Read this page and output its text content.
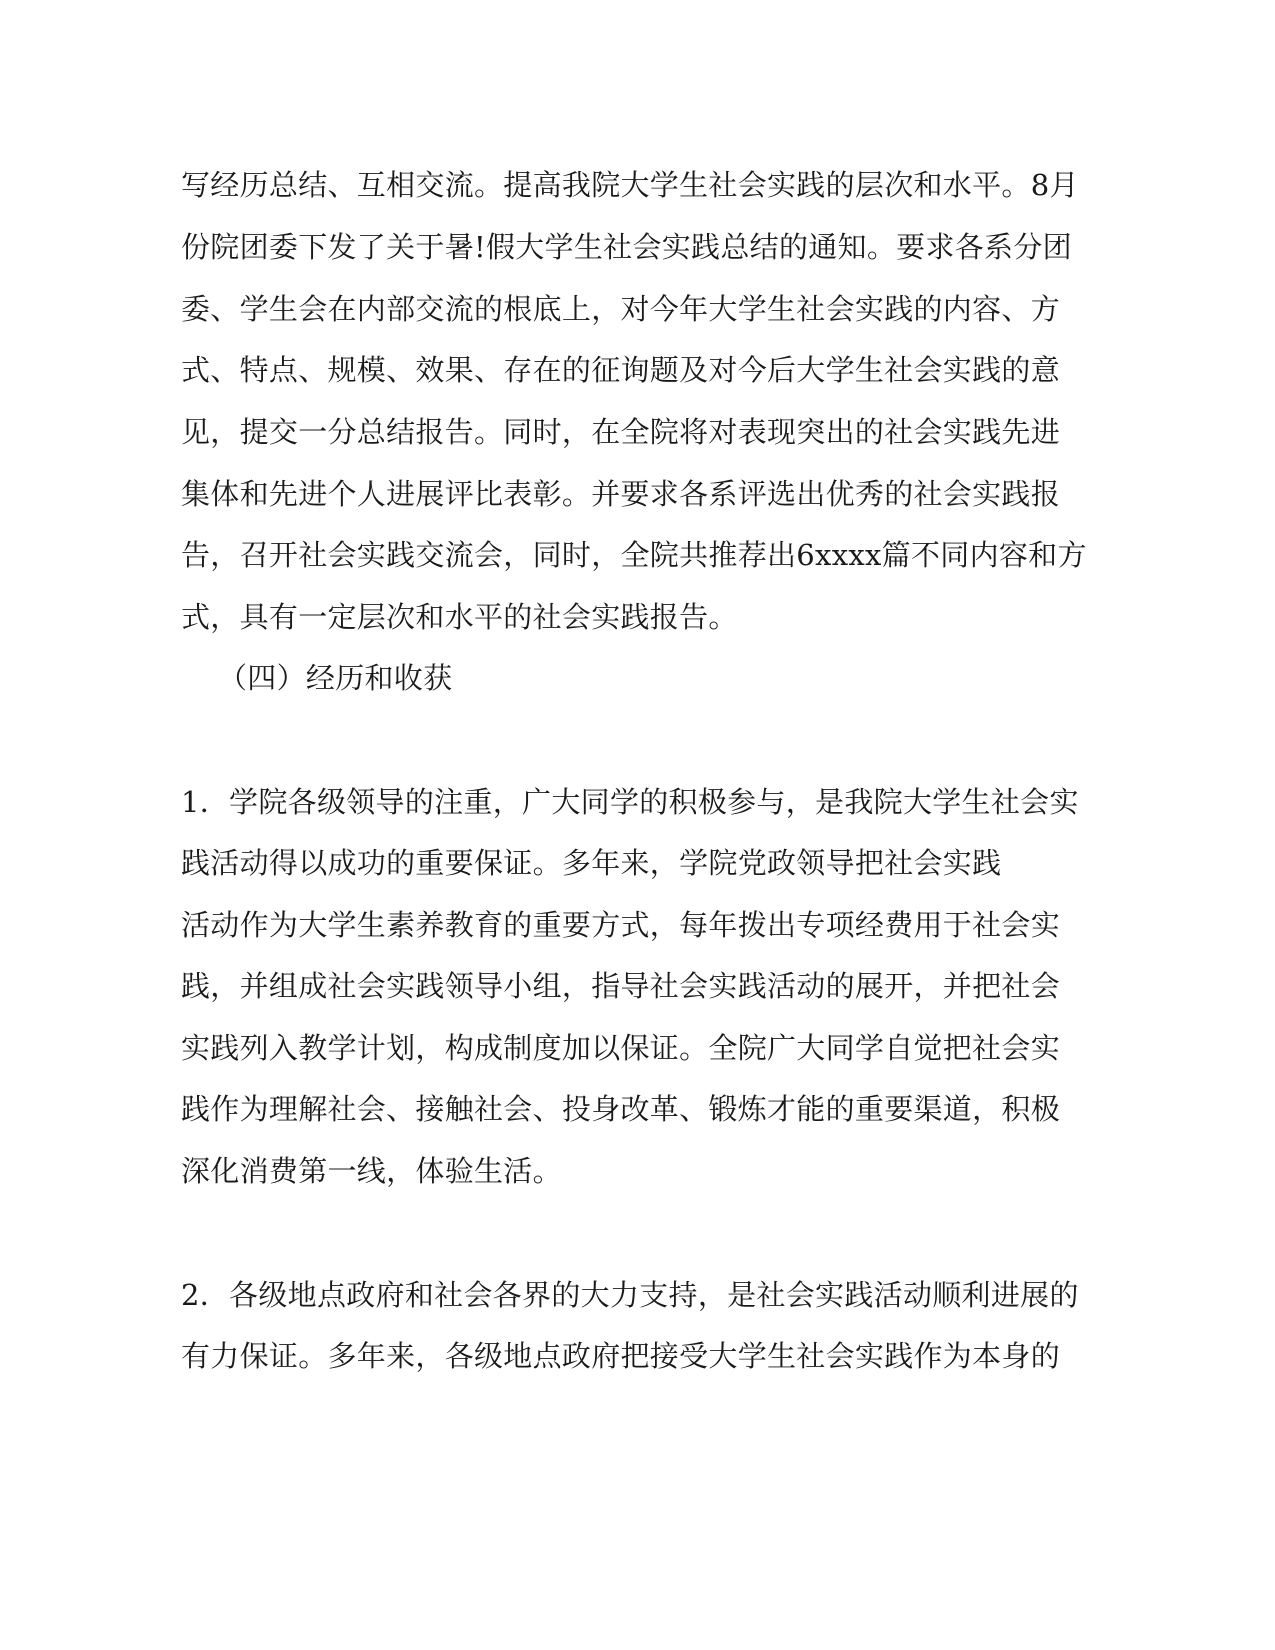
写经历总结、互相交流。提高我院大学生社会实践的层次和水平。8月
份院团委下发了关于暑!假大学生社会实践总结的通知。要求各系分团
委、学生会在内部交流的根底上，对今年大学生社会实践的内容、方
式、特点、规模、效果、存在的征询题及对今后大学生社会实践的意
见，提交一分总结报告。同时，在全院将对表现突出的社会实践先进
集体和先进个人进展评比表彰。并要求各系评选出优秀的社会实践报
告，召开社会实践交流会，同时，全院共推荐出6xxxx篇不同内容和方
式，具有一定层次和水平的社会实践报告。
（四）经历和收获
1．学院各级领导的注重，广大同学的积极参与，是我院大学生社会实
践活动得以成功的重要保证。多年来，学院党政领导把社会实践
活动作为大学生素养教育的重要方式，每年拨出专项经费用于社会实
践，并组成社会实践领导小组，指导社会实践活动的展开，并把社会
实践列入教学计划，构成制度加以保证。全院广大同学自觉把社会实
践作为理解社会、接触社会、投身改革、锻炼才能的重要渠道，积极
深化消费第一线，体验生活。
2．各级地点政府和社会各界的大力支持，是社会实践活动顺利进展的
有力保证。多年来，各级地点政府把接受大学生社会实践作为本身的
